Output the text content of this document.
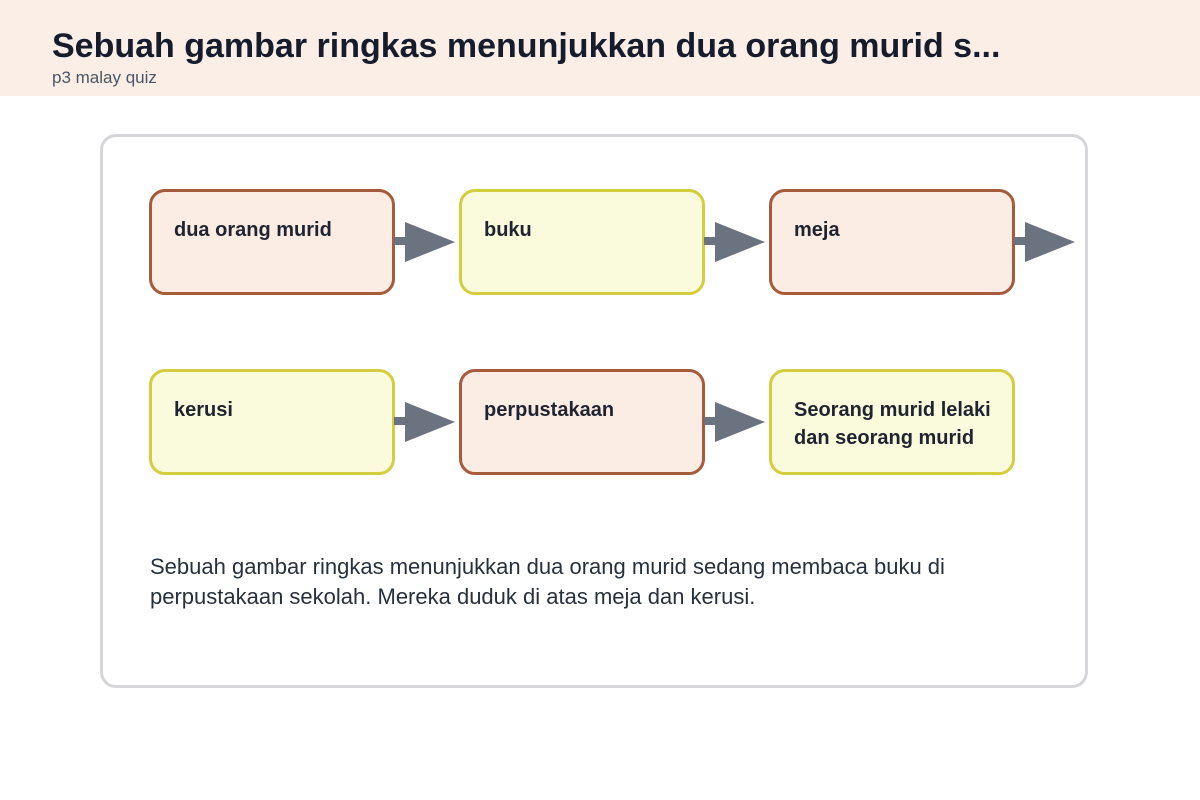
Sebuah gambar ringkas menunjukkan dua orang murid s...
p3 malay quiz
dua orang murid	buku	meja
kerusi	perpustakaan	Seorang murid lelaki dan seorang murid
Sebuah gambar ringkas menunjukkan dua orang murid sedang membaca buku di perpustakaan sekolah. Mereka duduk di atas meja dan kerusi.
